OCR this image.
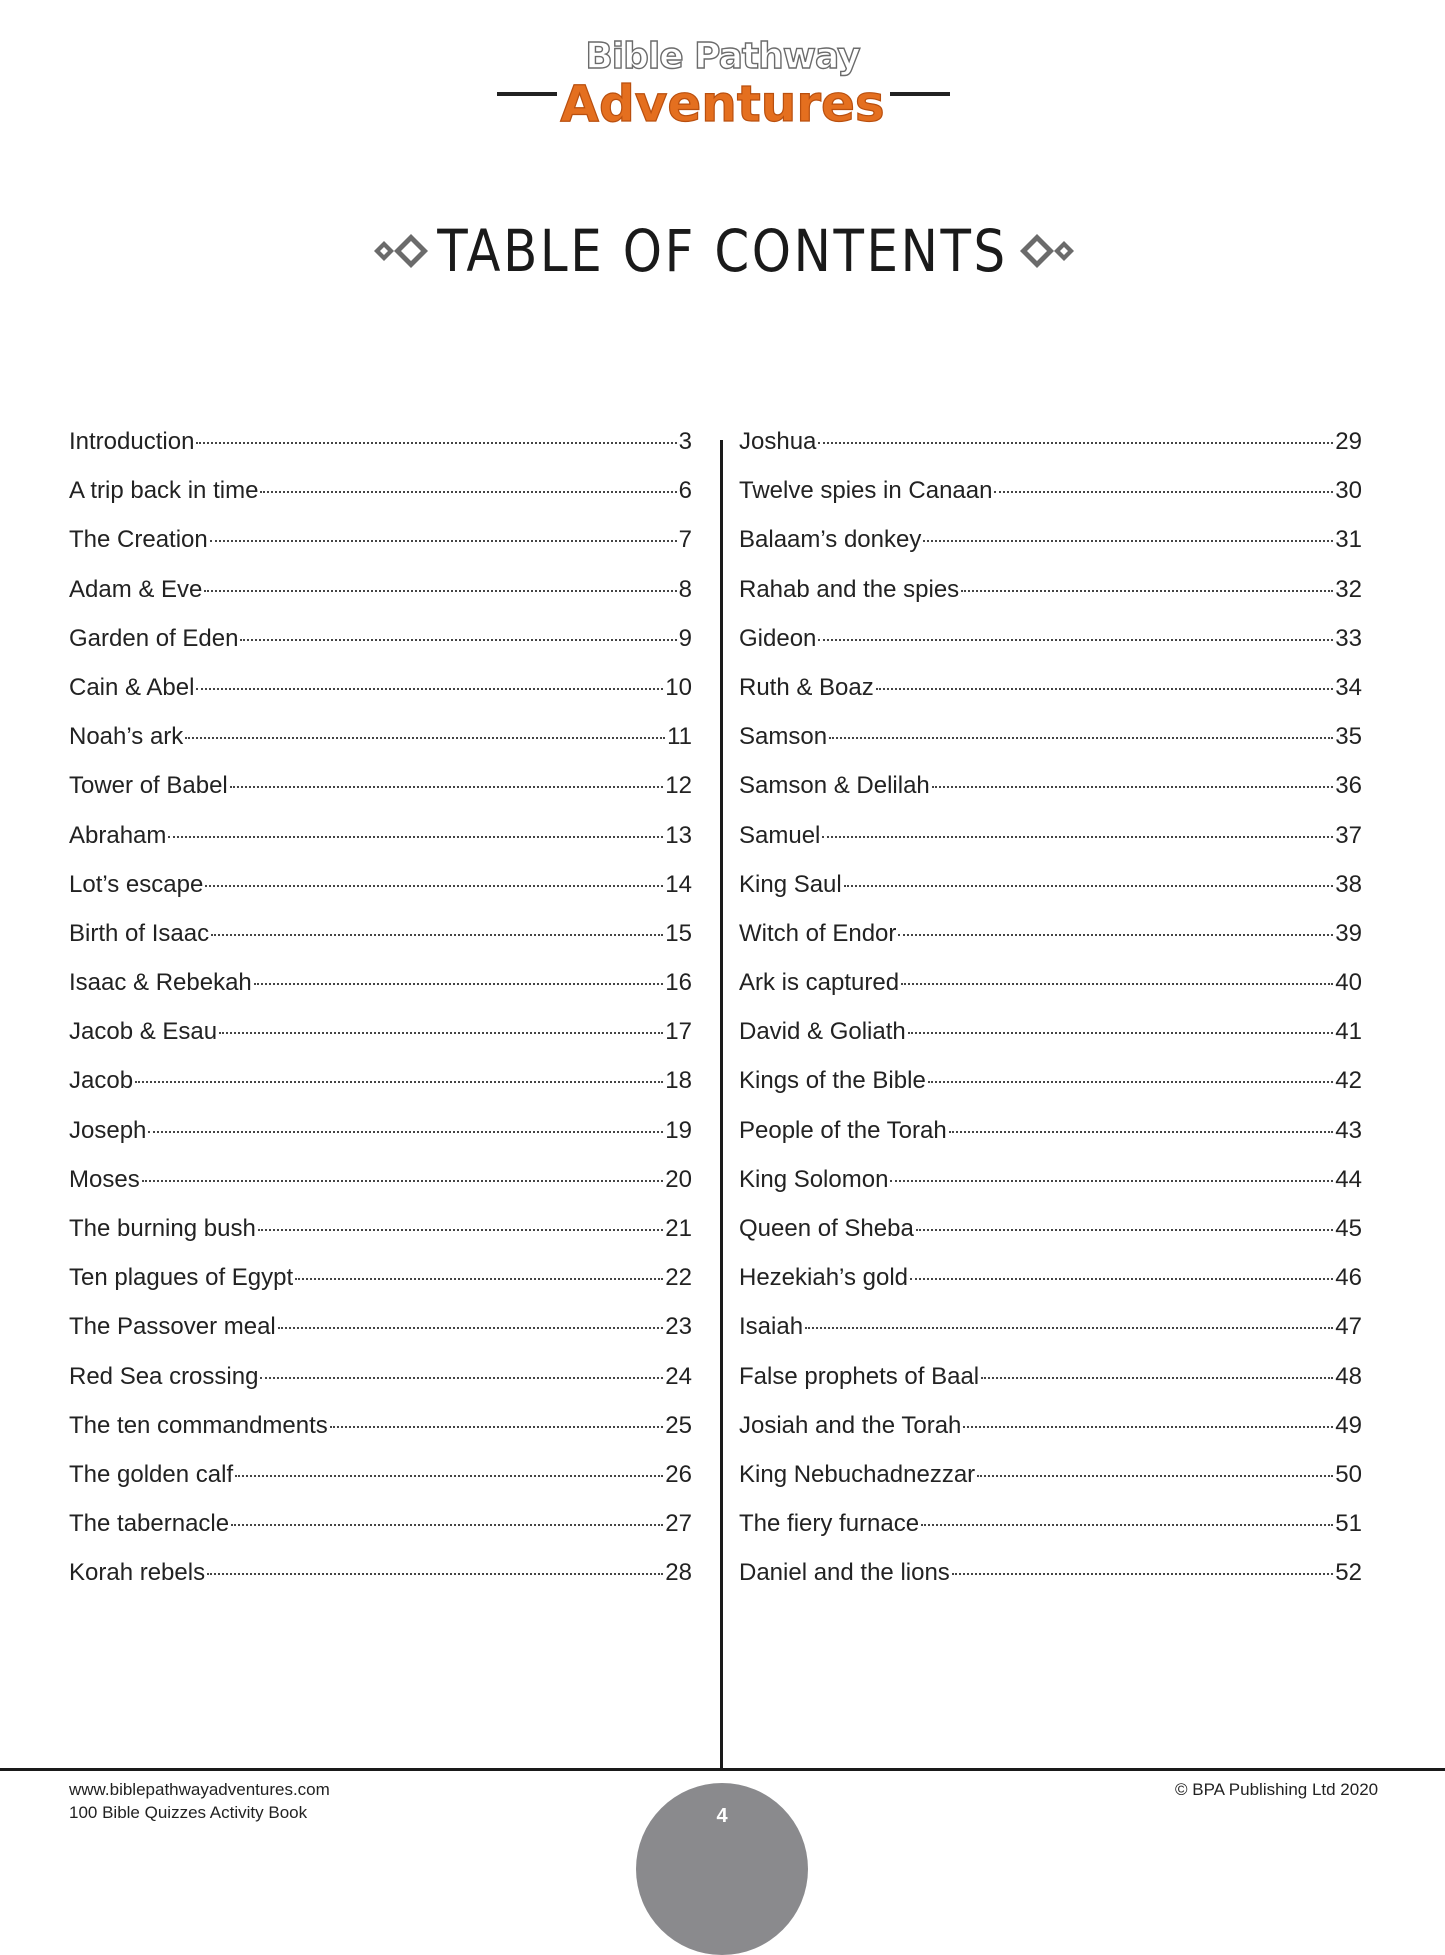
Bible Pathway
Adventures
TABLE OF CONTENTS
Introduction	3
A trip back in time	6
The Creation	7
Adam & Eve	8
Garden of Eden	9
Cain & Abel	10
Noah’s ark	11
Tower of Babel	12
Abraham	13
Lot’s escape	14
Birth of Isaac	15
Isaac & Rebekah	16
Jacob & Esau	17
Jacob	18
Joseph	19
Moses	20
The burning bush	21
Ten plagues of Egypt	22
The Passover meal	23
Red Sea crossing	24
The ten commandments	25
The golden calf	26
The tabernacle	27
Korah rebels	28
Joshua	29
Twelve spies in Canaan	30
Balaam’s donkey	31
Rahab and the spies	32
Gideon	33
Ruth & Boaz	34
Samson	35
Samson & Delilah	36
Samuel	37
King Saul	38
Witch of Endor	39
Ark is captured	40
David & Goliath	41
Kings of the Bible	42
People of the Torah	43
King Solomon	44
Queen of Sheba	45
Hezekiah’s gold	46
Isaiah	47
False prophets of Baal	48
Josiah and the Torah	49
King Nebuchadnezzar	50
The fiery furnace	51
Daniel and the lions	52
www.biblepathwayadventures.com
100 Bible Quizzes Activity Book
© BPA Publishing Ltd 2020
4
